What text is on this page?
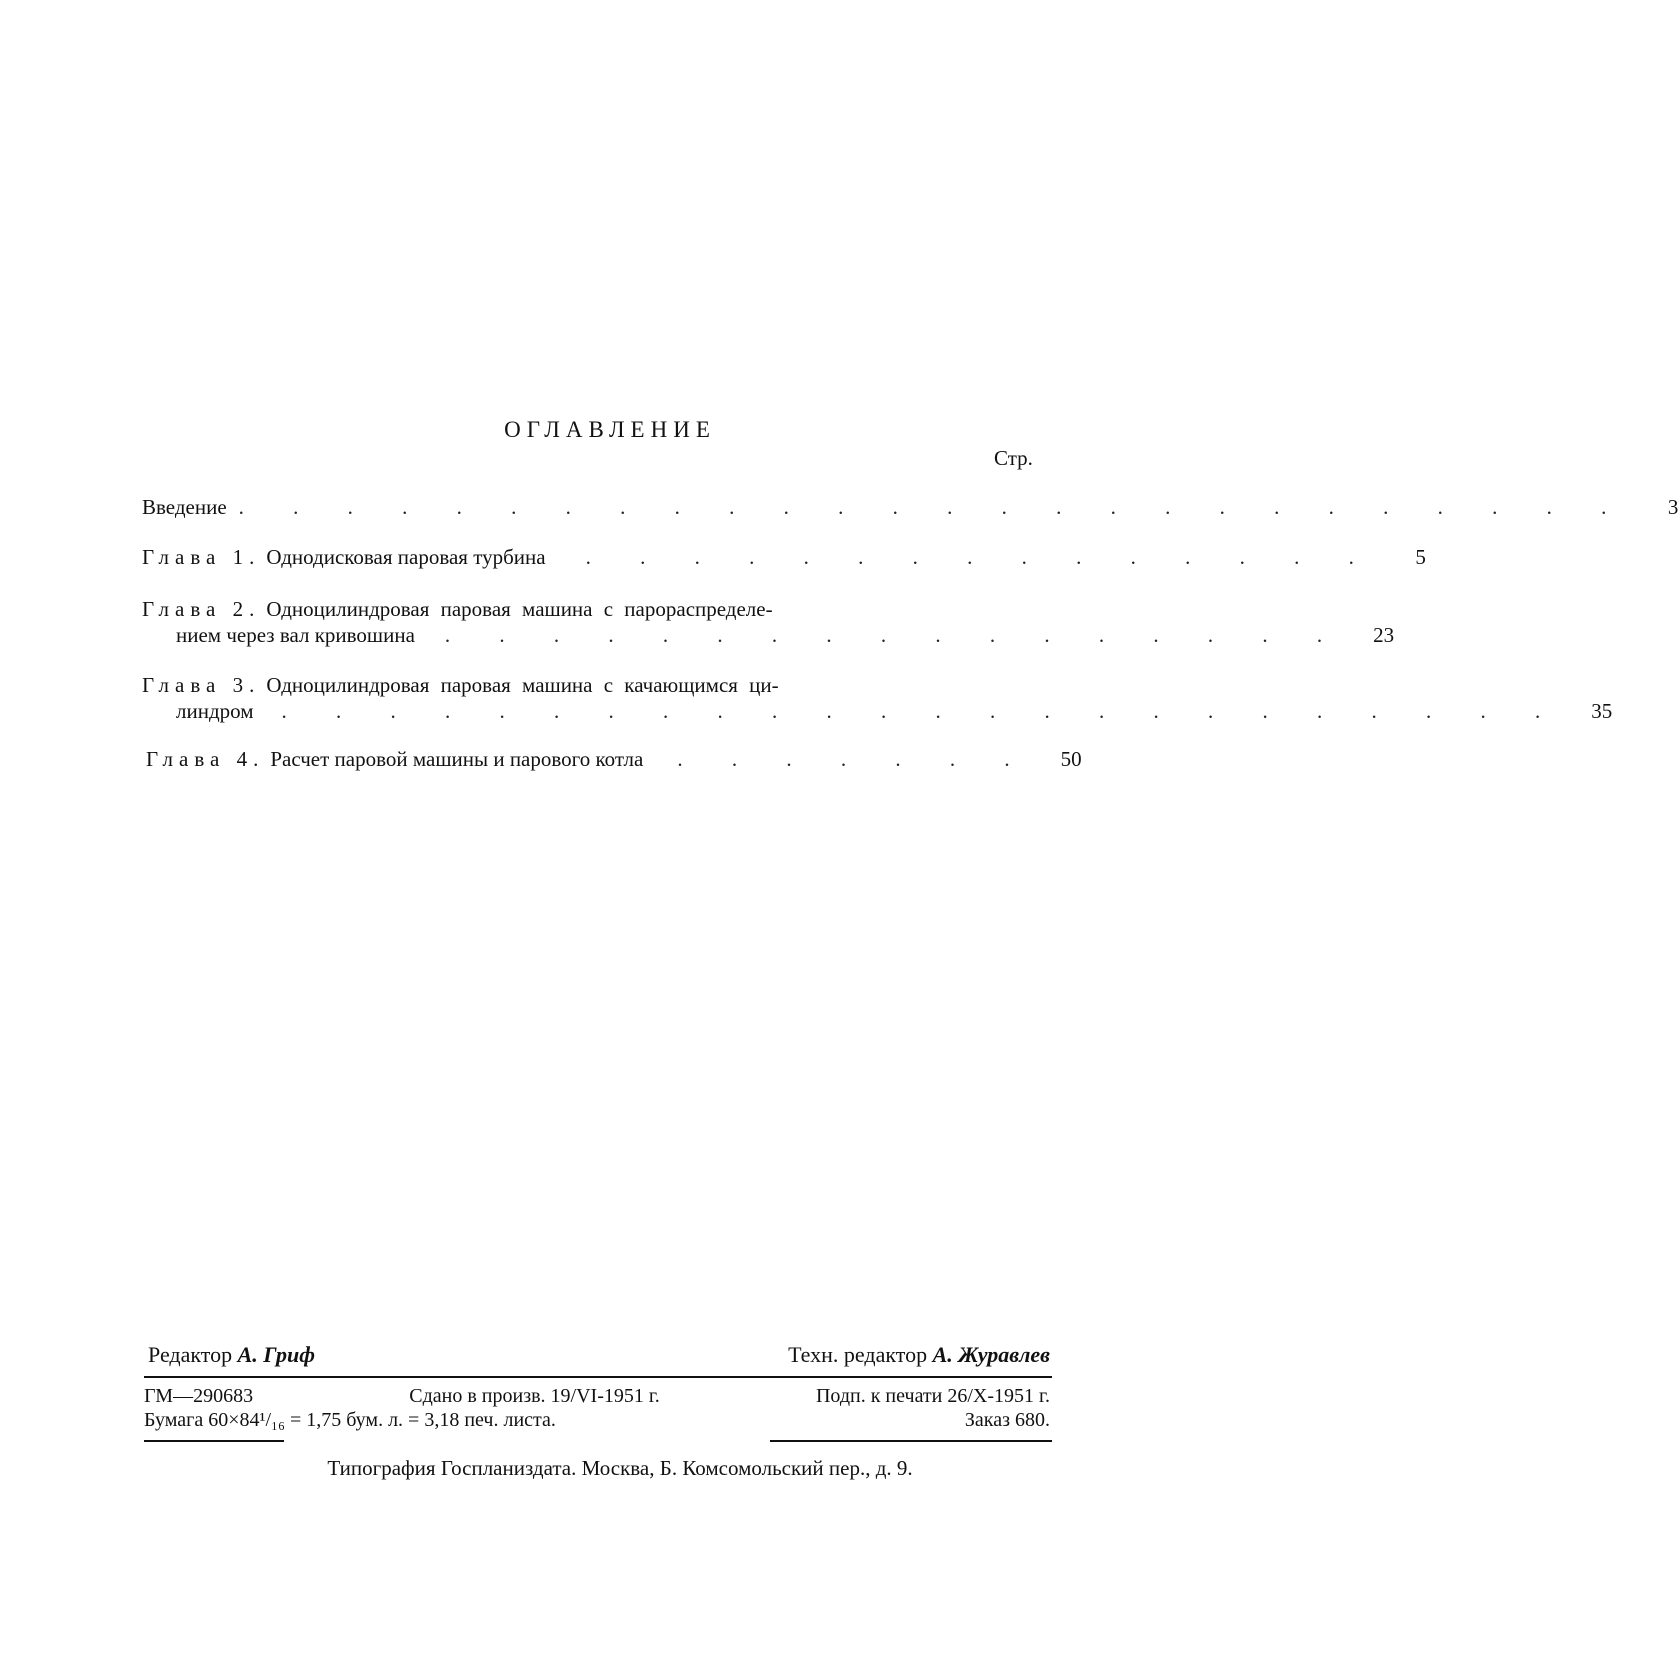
ОГЛАВЛЕНИЕ
Стр.
Введение . . . . . . . . . . . . . . . . . . . . . . . . . .	3
Глава 1. Однодисковая паровая турбина	. . . . . . . . . . . . . . .	5
Глава 2. Одноцилиндровая паровая машина с парораспределе-
нием через вал кривошина	. . . . . . . . . . . . . . . . .	23
Глава 3. Одноцилиндровая паровая машина с качающимся ци-
линдром	. . . . . . . . . . . . . . . . . . . . . . . .	35
Глава 4. Расчет паровой машины и парового котла	. . . . . . .	50
Редактор А. Гриф	Техн. редактор А. Журавлев
ГМ—290683	Сдано в произв. 19/VI-1951 г.	Подп. к печати 26/X-1951 г.
Бумага 60×84¹/₁₆ = 1,75 бум. л. = 3,18 печ. листа.	Заказ 680.
Типография Госпланиздата. Москва, Б. Комсомольский пер., д. 9.
